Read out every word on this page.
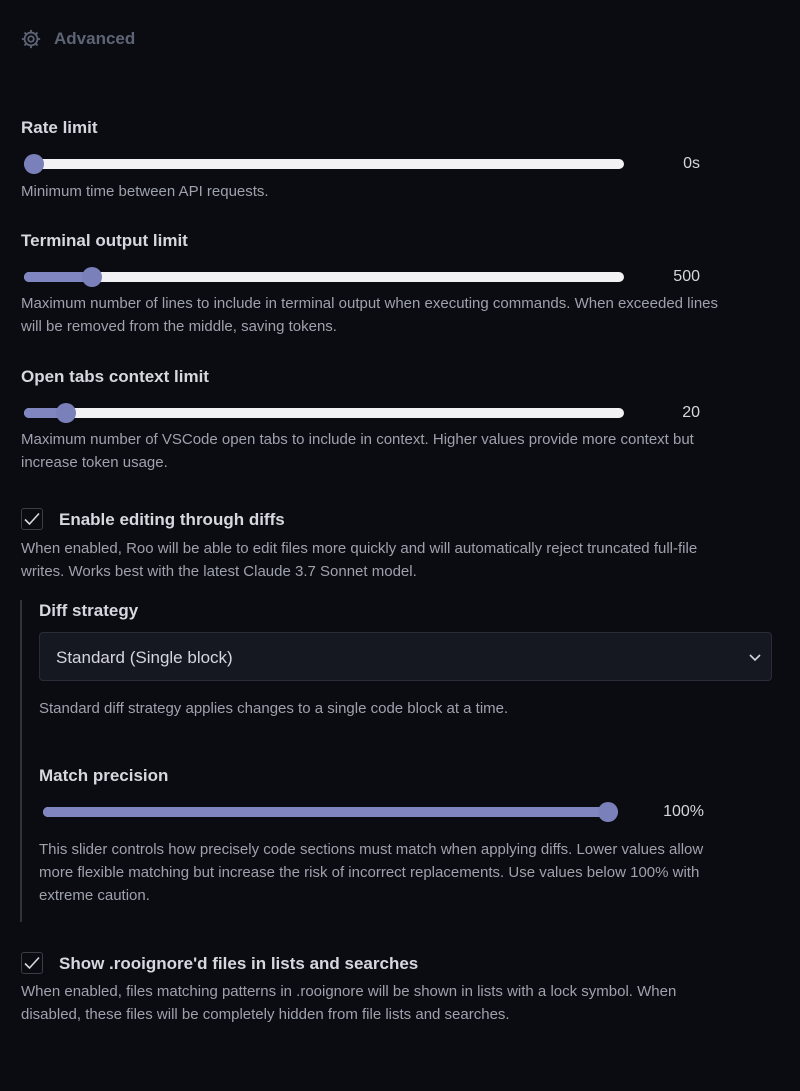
Advanced
Rate limit
0s
Minimum time between API requests.
Terminal output limit
500
Maximum number of lines to include in terminal output when executing commands. When exceeded lines
will be removed from the middle, saving tokens.
Open tabs context limit
20
Maximum number of VSCode open tabs to include in context. Higher values provide more context but
increase token usage.
Enable editing through diffs
When enabled, Roo will be able to edit files more quickly and will automatically reject truncated full-file
writes. Works best with the latest Claude 3.7 Sonnet model.
Diff strategy
Standard (Single block)
Standard diff strategy applies changes to a single code block at a time.
Match precision
100%
This slider controls how precisely code sections must match when applying diffs. Lower values allow
more flexible matching but increase the risk of incorrect replacements. Use values below 100% with
extreme caution.
Show .rooignore'd files in lists and searches
When enabled, files matching patterns in .rooignore will be shown in lists with a lock symbol. When
disabled, these files will be completely hidden from file lists and searches.
